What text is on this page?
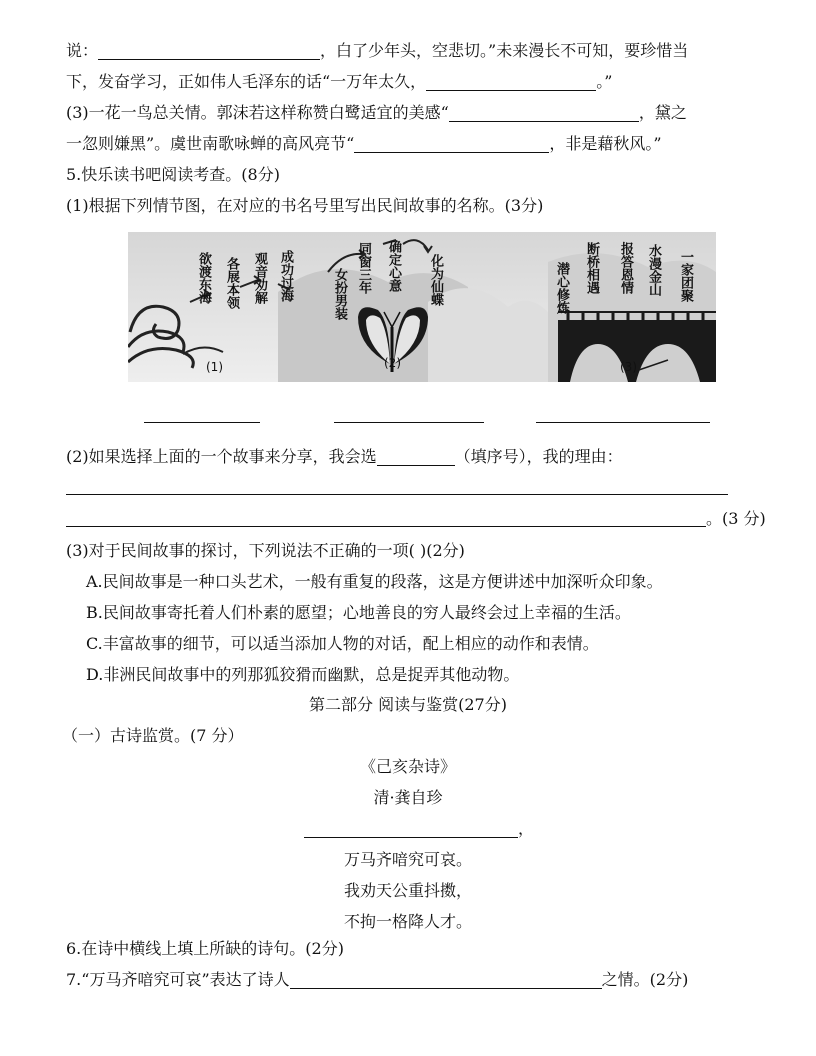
说：	，白了少年头，空悲切。”未来漫长不可知，要珍惜当
下，发奋学习，正如伟人毛泽东的话“一万年太久，	。”
(3)一花一鸟总关情。郭沫若这样称赞白鹭适宜的美感“	，黛之
一忽则嫌黑”。虞世南歌咏蝉的高风亮节“	，非是藉秋风。”
5.快乐读书吧阅读考查。(8分)
(1)根据下列情节图，在对应的书名号里写出民间故事的名称。(3分)
欲渡东海 各展本领 观音劝解 成功过海
(1)
女扮男装 同窗三年 确定心意 化为仙蝶
(2)
潜心修炼 断桥相遇 报答恩情 水漫金山 一家团聚
(3)
(2)如果选择上面的一个故事来分享，我会选	（填序号），我的理由：
。(3 分)
(3)对于民间故事的探讨，下列说法不正确的一项( )(2分)
A.民间故事是一种口头艺术，一般有重复的段落，这是方便讲述中加深听众印象。
B.民间故事寄托着人们朴素的愿望；心地善良的穷人最终会过上幸福的生活。
C.丰富故事的细节，可以适当添加人物的对话，配上相应的动作和表情。
D.非洲民间故事中的列那狐狡猾而幽默，总是捉弄其他动物。
第二部分 阅读与鉴赏(27分)
（一）古诗监赏。(7 分）
《己亥杂诗》
清·龚自珍
，
万马齐喑究可哀。
我劝天公重抖擞，
不拘一格降人才。
6.在诗中横线上填上所缺的诗句。(2分)
7.“万马齐喑究可哀”表达了诗人	之情。(2分)
